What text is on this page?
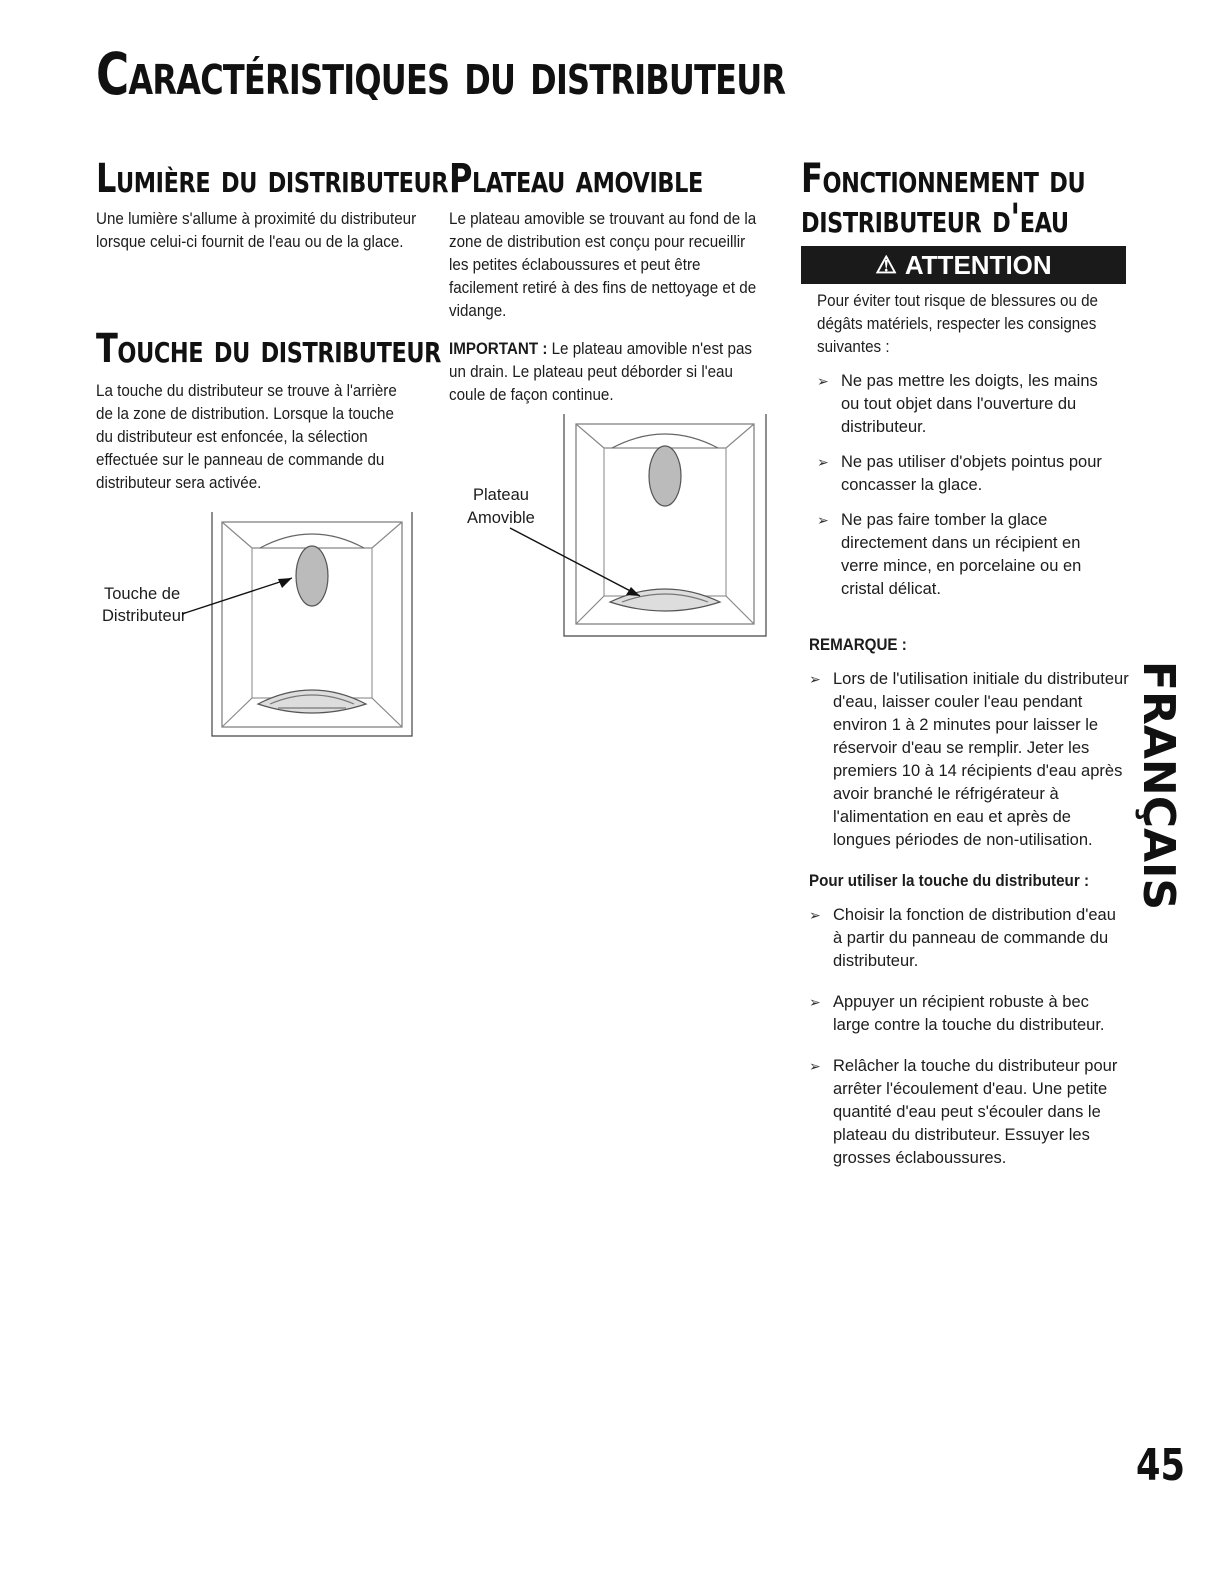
Caractéristiques du distributeur
Lumière du distributeur
Une lumière s'allume à proximité du distributeur lorsque celui-ci fournit de l'eau ou de la glace.
Touche du distributeur
La touche du distributeur se trouve à l'arrière de la zone de distribution. Lorsque la touche du distributeur est enfoncée, la sélection effectuée sur le panneau de commande du distributeur sera activée.
Touche de
Distributeur
Plateau amovible
Le plateau amovible se trouvant au fond de la zone de distribution est conçu pour recueillir les petites éclaboussures et peut être facilement retiré à des fins de nettoyage et de vidange.
IMPORTANT : Le plateau amovible n'est pas un drain. Le plateau peut déborder si l'eau coule de façon continue.
Plateau
Amovible
Fonctionnement du
distributeur d'eau
⚠ ATTENTION
Pour éviter tout risque de blessures ou de dégâts matériels, respecter les consignes suivantes :
➢ Ne pas mettre les doigts, les mains ou tout objet dans l'ouverture du distributeur.
➢ Ne pas utiliser d'objets pointus pour concasser la glace.
➢ Ne pas faire tomber la glace directement dans un récipient en verre mince, en porcelaine ou en cristal délicat.
REMARQUE :
➢ Lors de l'utilisation initiale du distributeur d'eau, laisser couler l'eau pendant environ 1 à 2 minutes pour laisser le réservoir d'eau se remplir. Jeter les premiers 10 à 14 récipients d'eau après avoir branché le réfrigérateur à l'alimentation en eau et après de longues périodes de non-utilisation.
Pour utiliser la touche du distributeur :
➢ Choisir la fonction de distribution d'eau à partir du panneau de commande du distributeur.
➢ Appuyer un récipient robuste à bec large contre la touche du distributeur.
➢ Relâcher la touche du distributeur pour arrêter l'écoulement d'eau. Une petite quantité d'eau peut s'écouler dans le plateau du distributeur. Essuyer les grosses éclaboussures.
FRANÇAIS
45
